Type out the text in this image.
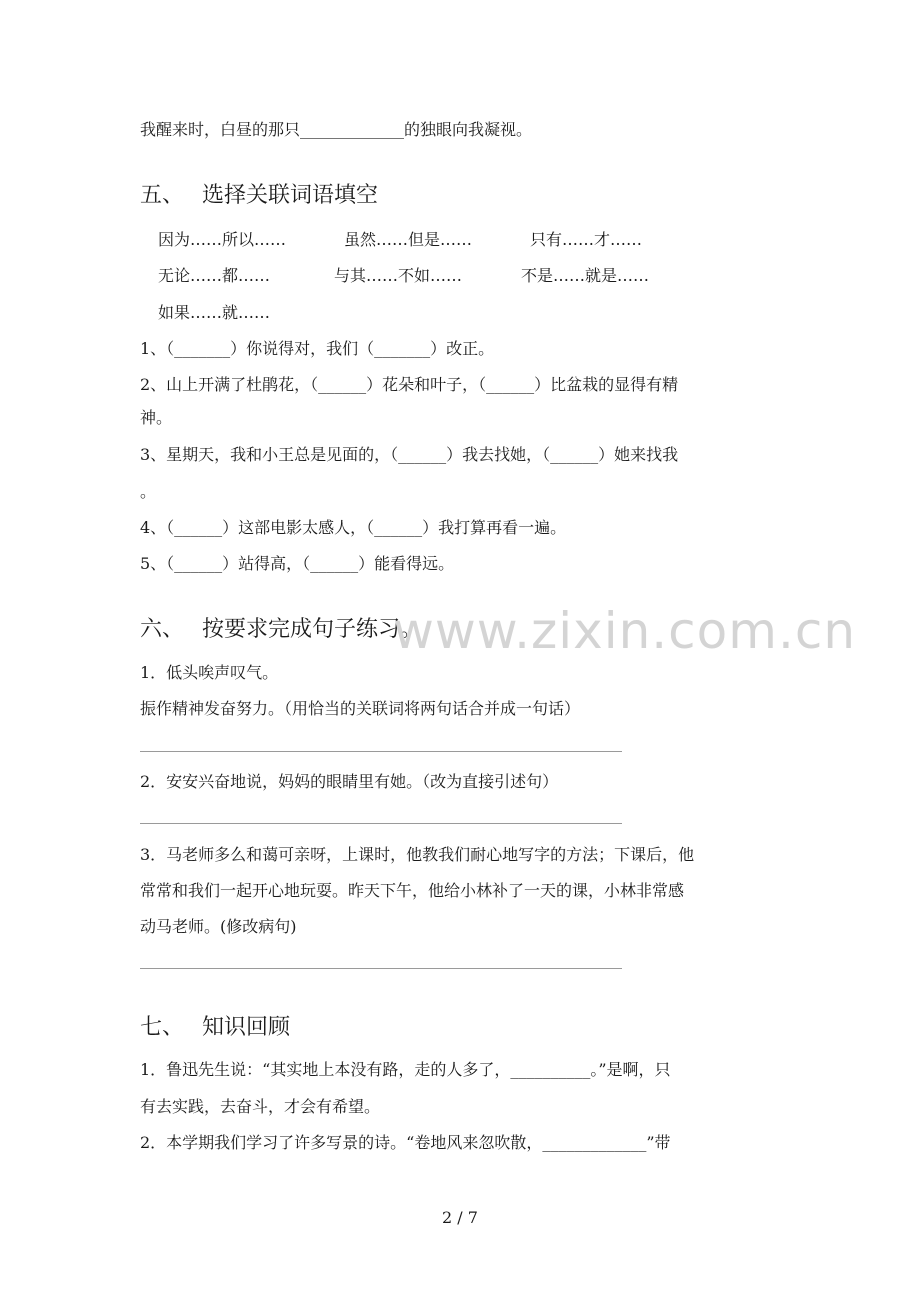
我醒来时，白昼的那只_____________的独眼向我凝视。
五、 选择关联词语填空
因为……所以……	虽然……但是……	只有……才……
无论……都……	与其……不如……	不是……就是……
如果……就……
1、（_______）你说得对，我们（_______）改正。
2、山上开满了杜鹃花，（______）花朵和叶子，（______）比盆栽的显得有精
神。
3、星期天，我和小王总是见面的，（______）我去找她，（______）她来找我
。
4、（______）这部电影太感人，（______）我打算再看一遍。
5、（______）站得高，（______）能看得远。
六、 按要求完成句子练习。
www.zixin.com.cn
1．低头唉声叹气。
振作精神发奋努力。（用恰当的关联词将两句话合并成一句话）
2．安安兴奋地说，妈妈的眼睛里有她。（改为直接引述句）
3．马老师多么和蔼可亲呀，上课时，他教我们耐心地写字的方法；下课后，他
常常和我们一起开心地玩耍。昨天下午，他给小林补了一天的课，小林非常感
动马老师。(修改病句)
七、 知识回顾
1．鲁迅先生说：“其实地上本没有路，走的人多了，__________。”是啊，只
有去实践，去奋斗，才会有希望。
2．本学期我们学习了许多写景的诗。“卷地风来忽吹散，_____________”带
2 / 7
